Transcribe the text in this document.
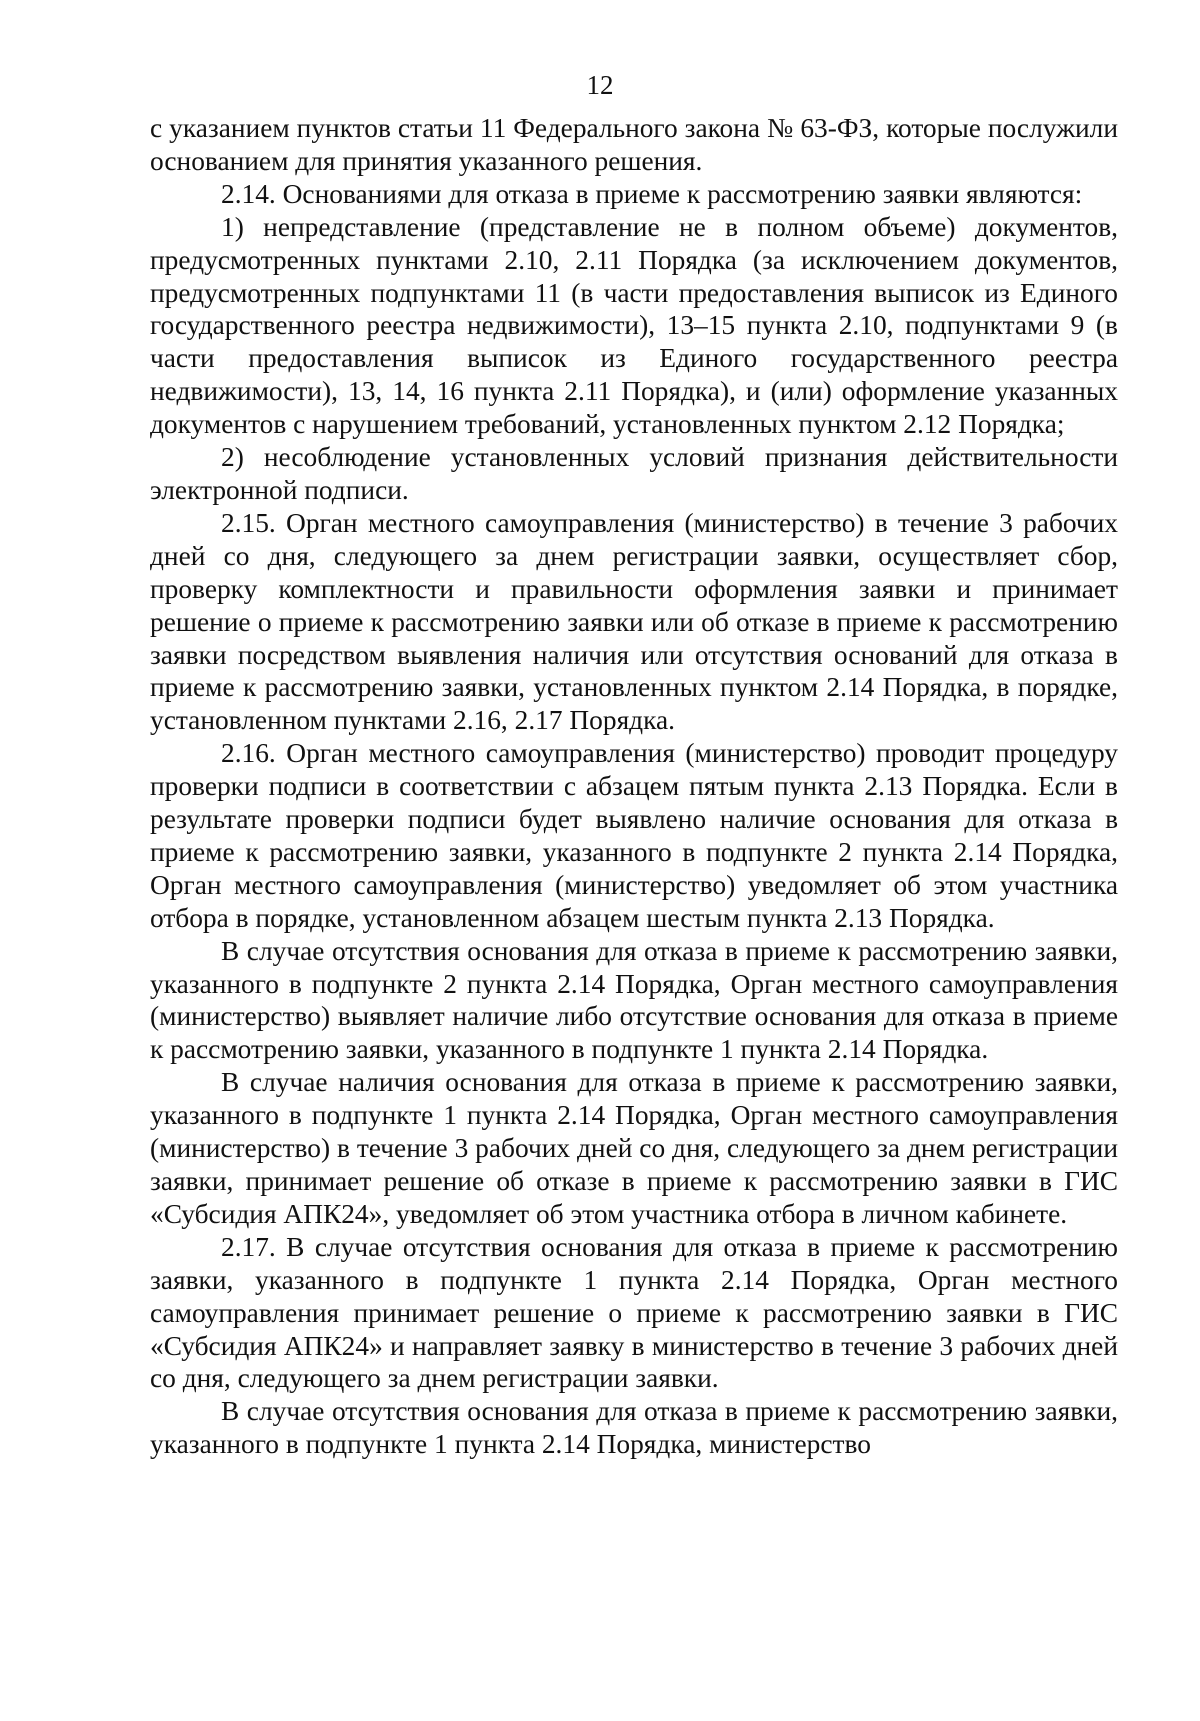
12

с указанием пунктов статьи 11 Федерального закона № 63-ФЗ, которые послужили основанием для принятия указанного решения.

2.14. Основаниями для отказа в приеме к рассмотрению заявки являются:

1) непредставление (представление не в полном объеме) документов, предусмотренных пунктами 2.10, 2.11 Порядка (за исключением документов, предусмотренных подпунктами 11 (в части предоставления выписок из Единого государственного реестра недвижимости), 13–15 пункта 2.10, подпунктами 9 (в части предоставления выписок из Единого государственного реестра недвижимости), 13, 14, 16 пункта 2.11 Порядка), и (или) оформление указанных документов с нарушением требований, установленных пунктом 2.12 Порядка;

2) несоблюдение установленных условий признания действительности электронной подписи.

2.15. Орган местного самоуправления (министерство) в течение 3 рабочих дней со дня, следующего за днем регистрации заявки, осуществляет сбор, проверку комплектности и правильности оформления заявки и принимает решение о приеме к рассмотрению заявки или об отказе в приеме к рассмотрению заявки посредством выявления наличия или отсутствия оснований для отказа в приеме к рассмотрению заявки, установленных пунктом 2.14 Порядка, в порядке, установленном пунктами 2.16, 2.17 Порядка.

2.16. Орган местного самоуправления (министерство) проводит процедуру проверки подписи в соответствии с абзацем пятым пункта 2.13 Порядка. Если в результате проверки подписи будет выявлено наличие основания для отказа в приеме к рассмотрению заявки, указанного в подпункте 2 пункта 2.14 Порядка, Орган местного самоуправления (министерство) уведомляет об этом участника отбора в порядке, установленном абзацем шестым пункта 2.13 Порядка.

В случае отсутствия основания для отказа в приеме к рассмотрению заявки, указанного в подпункте 2 пункта 2.14 Порядка, Орган местного самоуправления (министерство) выявляет наличие либо отсутствие основания для отказа в приеме к рассмотрению заявки, указанного в подпункте 1 пункта 2.14 Порядка.

В случае наличия основания для отказа в приеме к рассмотрению заявки, указанного в подпункте 1 пункта 2.14 Порядка, Орган местного самоуправления (министерство) в течение 3 рабочих дней со дня, следующего за днем регистрации заявки, принимает решение об отказе в приеме к рассмотрению заявки в ГИС «Субсидия АПК24», уведомляет об этом участника отбора в личном кабинете.

2.17. В случае отсутствия основания для отказа в приеме к рассмотрению заявки, указанного в подпункте 1 пункта 2.14 Порядка, Орган местного самоуправления принимает решение о приеме к рассмотрению заявки в ГИС «Субсидия АПК24» и направляет заявку в министерство в течение 3 рабочих дней со дня, следующего за днем регистрации заявки.

В случае отсутствия основания для отказа в приеме к рассмотрению заявки, указанного в подпункте 1 пункта 2.14 Порядка, министерство
